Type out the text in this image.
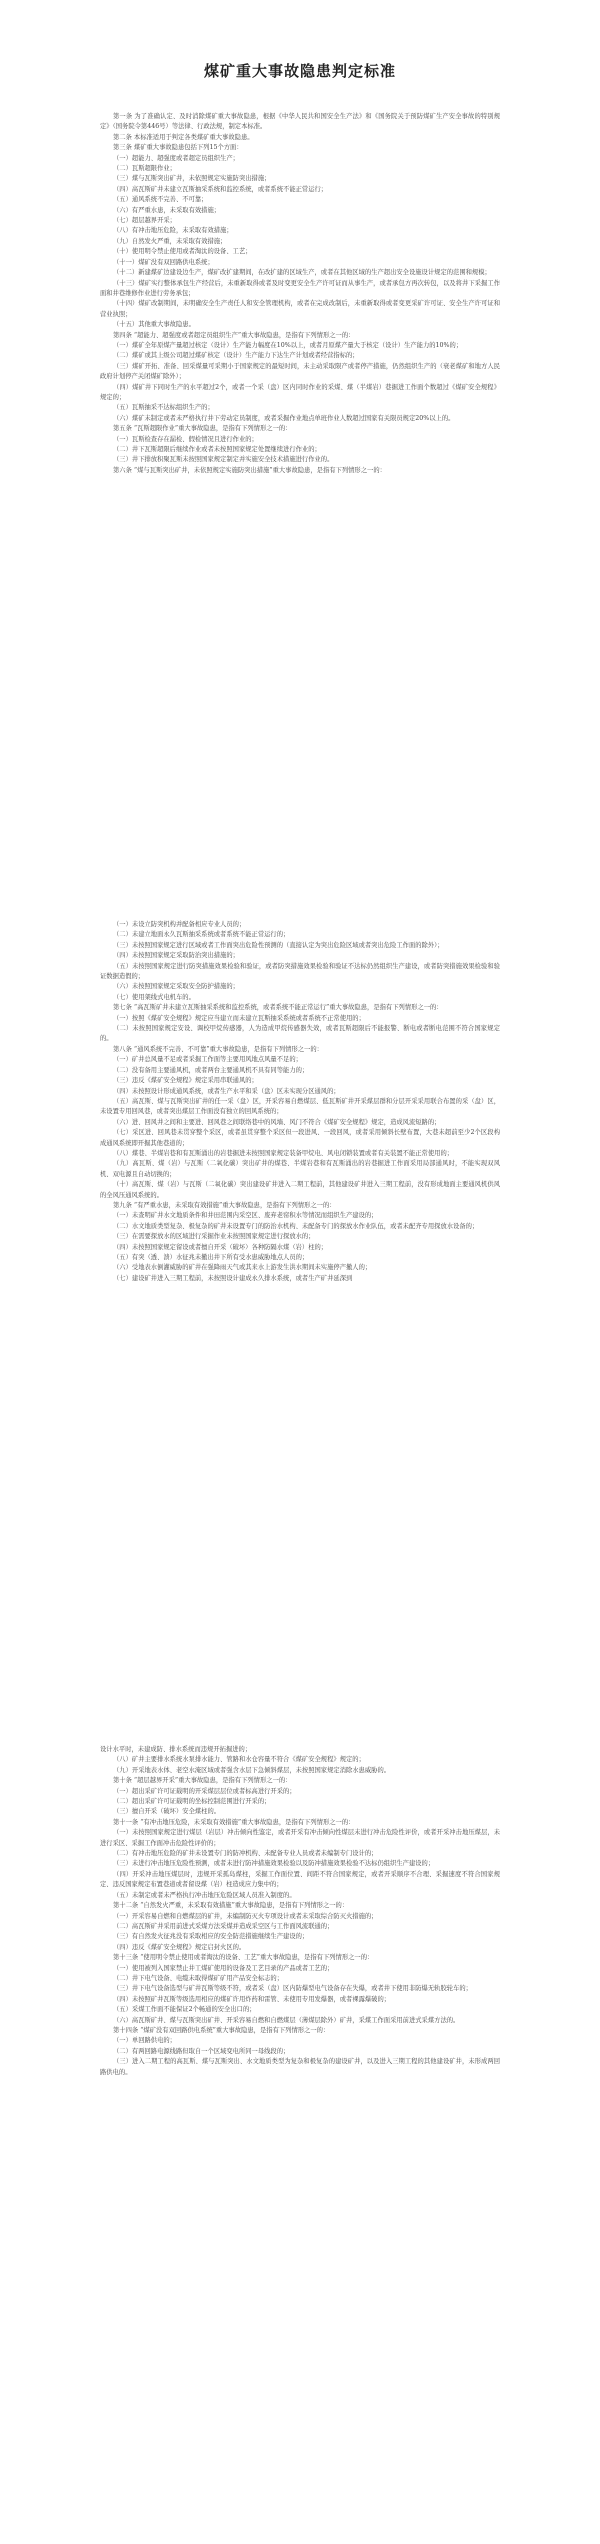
煤矿重大事故隐患判定标准

第一条 为了准确认定、及时消除煤矿重大事故隐患，根据《中华人民共和国安全生产法》和《国务院关于预防煤矿生产安全事故的特别规定》（国务院令第446号）等法律、行政法规，制定本标准。

第二条 本标准适用于判定各类煤矿重大事故隐患。

第三条 煤矿重大事故隐患包括下列15个方面：

（一）超能力、超强度或者超定员组织生产；

（二）瓦斯超限作业；

（三）煤与瓦斯突出矿井，未依照规定实施防突出措施；

（四）高瓦斯矿井未建立瓦斯抽采系统和监控系统，或者系统不能正常运行；

（五）通风系统不完善、不可靠；

（六）有严重水患，未采取有效措施；

（七）超层越界开采；

（八）有冲击地压危险，未采取有效措施；

（九）自然发火严重，未采取有效措施；

（十）使用明令禁止使用或者淘汰的设备、工艺；

（十一）煤矿没有双回路供电系统；

（十二）新建煤矿边建设边生产，煤矿改扩建期间，在改扩建的区域生产，或者在其他区域的生产超出安全设施设计规定的范围和规模；

（十三）煤矿实行整体承包生产经营后，未重新取得或者及时变更安全生产许可证而从事生产，或者承包方再次转包，以及将井下采掘工作面和井巷维修作业进行劳务承包；

（十四）煤矿改制期间，未明确安全生产责任人和安全管理机构，或者在完成改制后，未重新取得或者变更采矿许可证、安全生产许可证和营业执照；

（十五）其他重大事故隐患。

第四条 “超能力、超强度或者超定员组织生产”重大事故隐患，是指有下列情形之一的：

（一）煤矿全年原煤产量超过核定（设计）生产能力幅度在10%以上，或者月原煤产量大于核定（设计）生产能力的10%的；

（二）煤矿或其上级公司超过煤矿核定（设计）生产能力下达生产计划或者经营指标的；

（三）煤矿开拓、准备、回采煤量可采期小于国家规定的最短时间，未主动采取限产或者停产措施，仍然组织生产的（衰老煤矿和地方人民政府计划停产关闭煤矿除外）；

（四）煤矿井下同时生产的水平超过2个，或者一个采（盘）区内同时作业的采煤、煤（半煤岩）巷掘进工作面个数超过《煤矿安全规程》规定的；

（五）瓦斯抽采不达标组织生产的；

（六）煤矿未制定或者未严格执行井下劳动定员制度，或者采掘作业地点单班作业人数超过国家有关限员规定20%以上的。

第五条 “瓦斯超限作业”重大事故隐患，是指有下列情形之一的：

（一）瓦斯检查存在漏检、假检情况且进行作业的；

（二）井下瓦斯超限后继续作业或者未按照国家规定处置继续进行作业的；

（三）井下排放积聚瓦斯未按照国家规定制定并实施安全技术措施进行作业的。

第六条 “煤与瓦斯突出矿井，未依照规定实施防突出措施”重大事故隐患，是指有下列情形之一的：

（一）未设立防突机构并配备相应专业人员的；

（二）未建立地面永久瓦斯抽采系统或者系统不能正常运行的；

（三）未按照国家规定进行区域或者工作面突出危险性预测的（直接认定为突出危险区域或者突出危险工作面的除外）；

（四）未按照国家规定采取防治突出措施的；

（五）未按照国家规定进行防突措施效果检验和验证，或者防突措施效果检验和验证不达标仍然组织生产建设，或者防突措施效果检验和验证数据造假的；

（六）未按照国家规定采取安全防护措施的；

（七）使用架线式电机车的。

第七条 “高瓦斯矿井未建立瓦斯抽采系统和监控系统，或者系统不能正常运行”重大事故隐患，是指有下列情形之一的：

（一）按照《煤矿安全规程》规定应当建立而未建立瓦斯抽采系统或者系统不正常使用的；

（二）未按照国家规定安设、调校甲烷传感器，人为造成甲烷传感器失效，或者瓦斯超限后不能报警、断电或者断电范围不符合国家规定的。

第八条 “通风系统不完善、不可靠”重大事故隐患，是指有下列情形之一的：

（一）矿井总风量不足或者采掘工作面等主要用风地点风量不足的；

（二）没有备用主要通风机，或者两台主要通风机不具有同等能力的；

（三）违反《煤矿安全规程》规定采用串联通风的；

（四）未按照设计形成通风系统，或者生产水平和采（盘）区未实现分区通风的；

（五）高瓦斯、煤与瓦斯突出矿井的任一采（盘）区，开采容易自燃煤层、低瓦斯矿井开采煤层群和分层开采采用联合布置的采（盘）区，未设置专用回风巷，或者突出煤层工作面没有独立的回风系统的；

（六）进、回风井之间和主要进、回风巷之间联络巷中的风墙、风门不符合《煤矿安全规程》规定，造成风流短路的；

（七）采区进、回风巷未贯穿整个采区，或者虽贯穿整个采区但一段进风、一段回风，或者采用倾斜长壁布置，大巷未超前至少2个区段构成通风系统即开掘其他巷道的；

（八）煤巷、半煤岩巷和有瓦斯涌出的岩巷掘进未按照国家规定装备甲烷电、风电闭锁装置或者有关装置不能正常使用的；

（九）高瓦斯、煤（岩）与瓦斯（二氧化碳）突出矿井的煤巷、半煤岩巷和有瓦斯涌出的岩巷掘进工作面采用局部通风时，不能实现双风机、双电源且自动切换的；

（十）高瓦斯、煤（岩）与瓦斯（二氧化碳）突出建设矿井进入二期工程前，其他建设矿井进入三期工程前，没有形成地面主要通风机供风的全风压通风系统的。

第九条 “有严重水患，未采取有效措施”重大事故隐患，是指有下列情形之一的：

（一）未查明矿井水文地质条件和井田范围内采空区、废弃老窑积水等情况而组织生产建设的；

（二）水文地质类型复杂、极复杂的矿井未设置专门的防治水机构、未配备专门的探放水作业队伍，或者未配齐专用探放水设备的；

（三）在需要探放水的区域进行采掘作业未按照国家规定进行探放水的；

（四）未按照国家规定留设或者擅自开采（破坏）各种防隔水煤（岩）柱的；

（五）有突（透、溃）水征兆未撤出井下所有受水患威胁地点人员的；

（六）受地表水倒灌威胁的矿井在强降雨天气或其来水上游发生洪水期间未实施停产撤人的；

（七）建设矿井进入三期工程前，未按照设计建成永久排水系统，或者生产矿井延深到

设计水平时，未建成防、排水系统而违规开拓掘进的；

（八）矿井主要排水系统水泵排水能力、管路和水仓容量不符合《煤矿安全规程》规定的；

（九）开采地表水体、老空水淹区域或者强含水层下急倾斜煤层，未按照国家规定消除水患威胁的。

第十条 “超层越界开采”重大事故隐患，是指有下列情形之一的：

（一）超出采矿许可证载明的开采煤层层位或者标高进行开采的；

（二）超出采矿许可证载明的坐标控制范围进行开采的；

（三）擅自开采（破坏）安全煤柱的。

第十一条 “有冲击地压危险，未采取有效措施”重大事故隐患，是指有下列情形之一的：

（一）未按照国家规定进行煤层（岩层）冲击倾向性鉴定，或者开采有冲击倾向性煤层未进行冲击危险性评价，或者开采冲击地压煤层，未进行采区、采掘工作面冲击危险性评价的；

（二）有冲击地压危险的矿井未设置专门的防冲机构、未配备专业人员或者未编制专门设计的；

（三）未进行冲击地压危险性预测，或者未进行防冲措施效果检验以及防冲措施效果检验不达标仍组织生产建设的；

（四）开采冲击地压煤层时，违规开采孤岛煤柱，采掘工作面位置、间距不符合国家规定，或者开采顺序不合理、采掘速度不符合国家规定、违反国家规定布置巷道或者留设煤（岩）柱造成应力集中的；

（五）未制定或者未严格执行冲击地压危险区域人员准入制度的。

第十二条 “自然发火严重，未采取有效措施”重大事故隐患，是指有下列情形之一的：

（一）开采容易自燃和自燃煤层的矿井，未编制防灭火专项设计或者未采取综合防灭火措施的；

（二）高瓦斯矿井采用前进式采煤方法采煤并造成采空区与工作面风流联通的；

（三）有自然发火征兆没有采取相应的安全防范措施继续生产建设的；

（四）违反《煤矿安全规程》规定启封火区的。

第十三条 “使用明令禁止使用或者淘汰的设备、工艺”重大事故隐患，是指有下列情形之一的：

（一）使用被列入国家禁止井工煤矿使用的设备及工艺目录的产品或者工艺的；

（二）井下电气设备、电缆未取得煤矿矿用产品安全标志的；

（三）井下电气设备选型与矿井瓦斯等级不符，或者采（盘）区内防爆型电气设备存在失爆，或者井下使用非防爆无轨胶轮车的；

（四）未按照矿井瓦斯等级选用相应的煤矿许用炸药和雷管、未使用专用发爆器，或者裸露爆破的；

（五）采煤工作面不能保证2个畅通的安全出口的；

（六）高瓦斯矿井、煤与瓦斯突出矿井、开采容易自燃和自燃煤层（薄煤层除外）矿井，采煤工作面采用前进式采煤方法的。

第十四条 “煤矿没有双回路供电系统”重大事故隐患，是指有下列情形之一的：

（一）单回路供电的；

（二）有两回路电源线路但取自一个区域变电所同一母线段的；

（三）进入二期工程的高瓦斯、煤与瓦斯突出、水文地质类型为复杂和极复杂的建设矿井，以及进入三期工程的其他建设矿井，未形成两回路供电的。
